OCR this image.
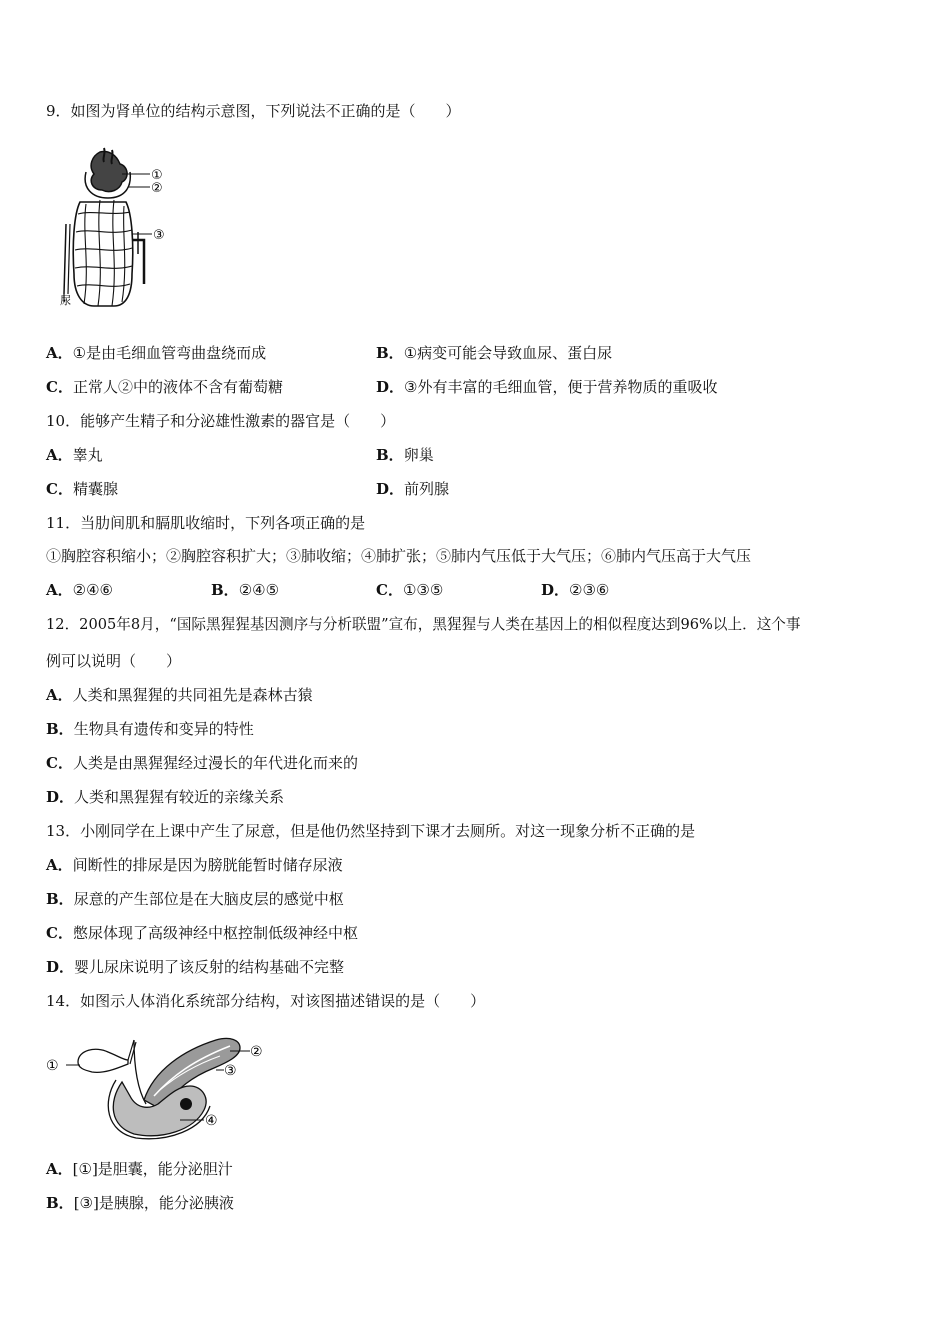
9．如图为肾单位的结构示意图，下列说法不正确的是（　　）
①
②
③
尿
A．①是由毛细血管弯曲盘绕而成	B．①病变可能会导致血尿、蛋白尿
C．正常人②中的液体不含有葡萄糖	D．③外有丰富的毛细血管，便于营养物质的重吸收
10．能够产生精子和分泌雄性激素的器官是（　　）
A．睾丸	B．卵巢
C．精囊腺	D．前列腺
11．当肋间肌和膈肌收缩时，下列各项正确的是
①胸腔容积缩小；②胸腔容积扩大；③肺收缩；④肺扩张；⑤肺内气压低于大气压；⑥肺内气压高于大气压
A．②④⑥	B．②④⑤	C．①③⑤	D．②③⑥
12．2005年8月，“国际黑猩猩基因测序与分析联盟”宣布，黑猩猩与人类在基因上的相似程度达到96%以上．这个事
例可以说明（　　）
A．人类和黑猩猩的共同祖先是森林古猿
B．生物具有遗传和变异的特性
C．人类是由黑猩猩经过漫长的年代进化而来的
D．人类和黑猩猩有较近的亲缘关系
13．小刚同学在上课中产生了尿意，但是他仍然坚持到下课才去厕所。对这一现象分析不正确的是
A．间断性的排尿是因为膀胱能暂时储存尿液
B．尿意的产生部位是在大脑皮层的感觉中枢
C．憋尿体现了高级神经中枢控制低级神经中枢
D．婴儿尿床说明了该反射的结构基础不完整
14．如图示人体消化系统部分结构，对该图描述错误的是（　　）
①
②
③
④
A．[①]是胆囊，能分泌胆汁
B．[③]是胰腺，能分泌胰液
